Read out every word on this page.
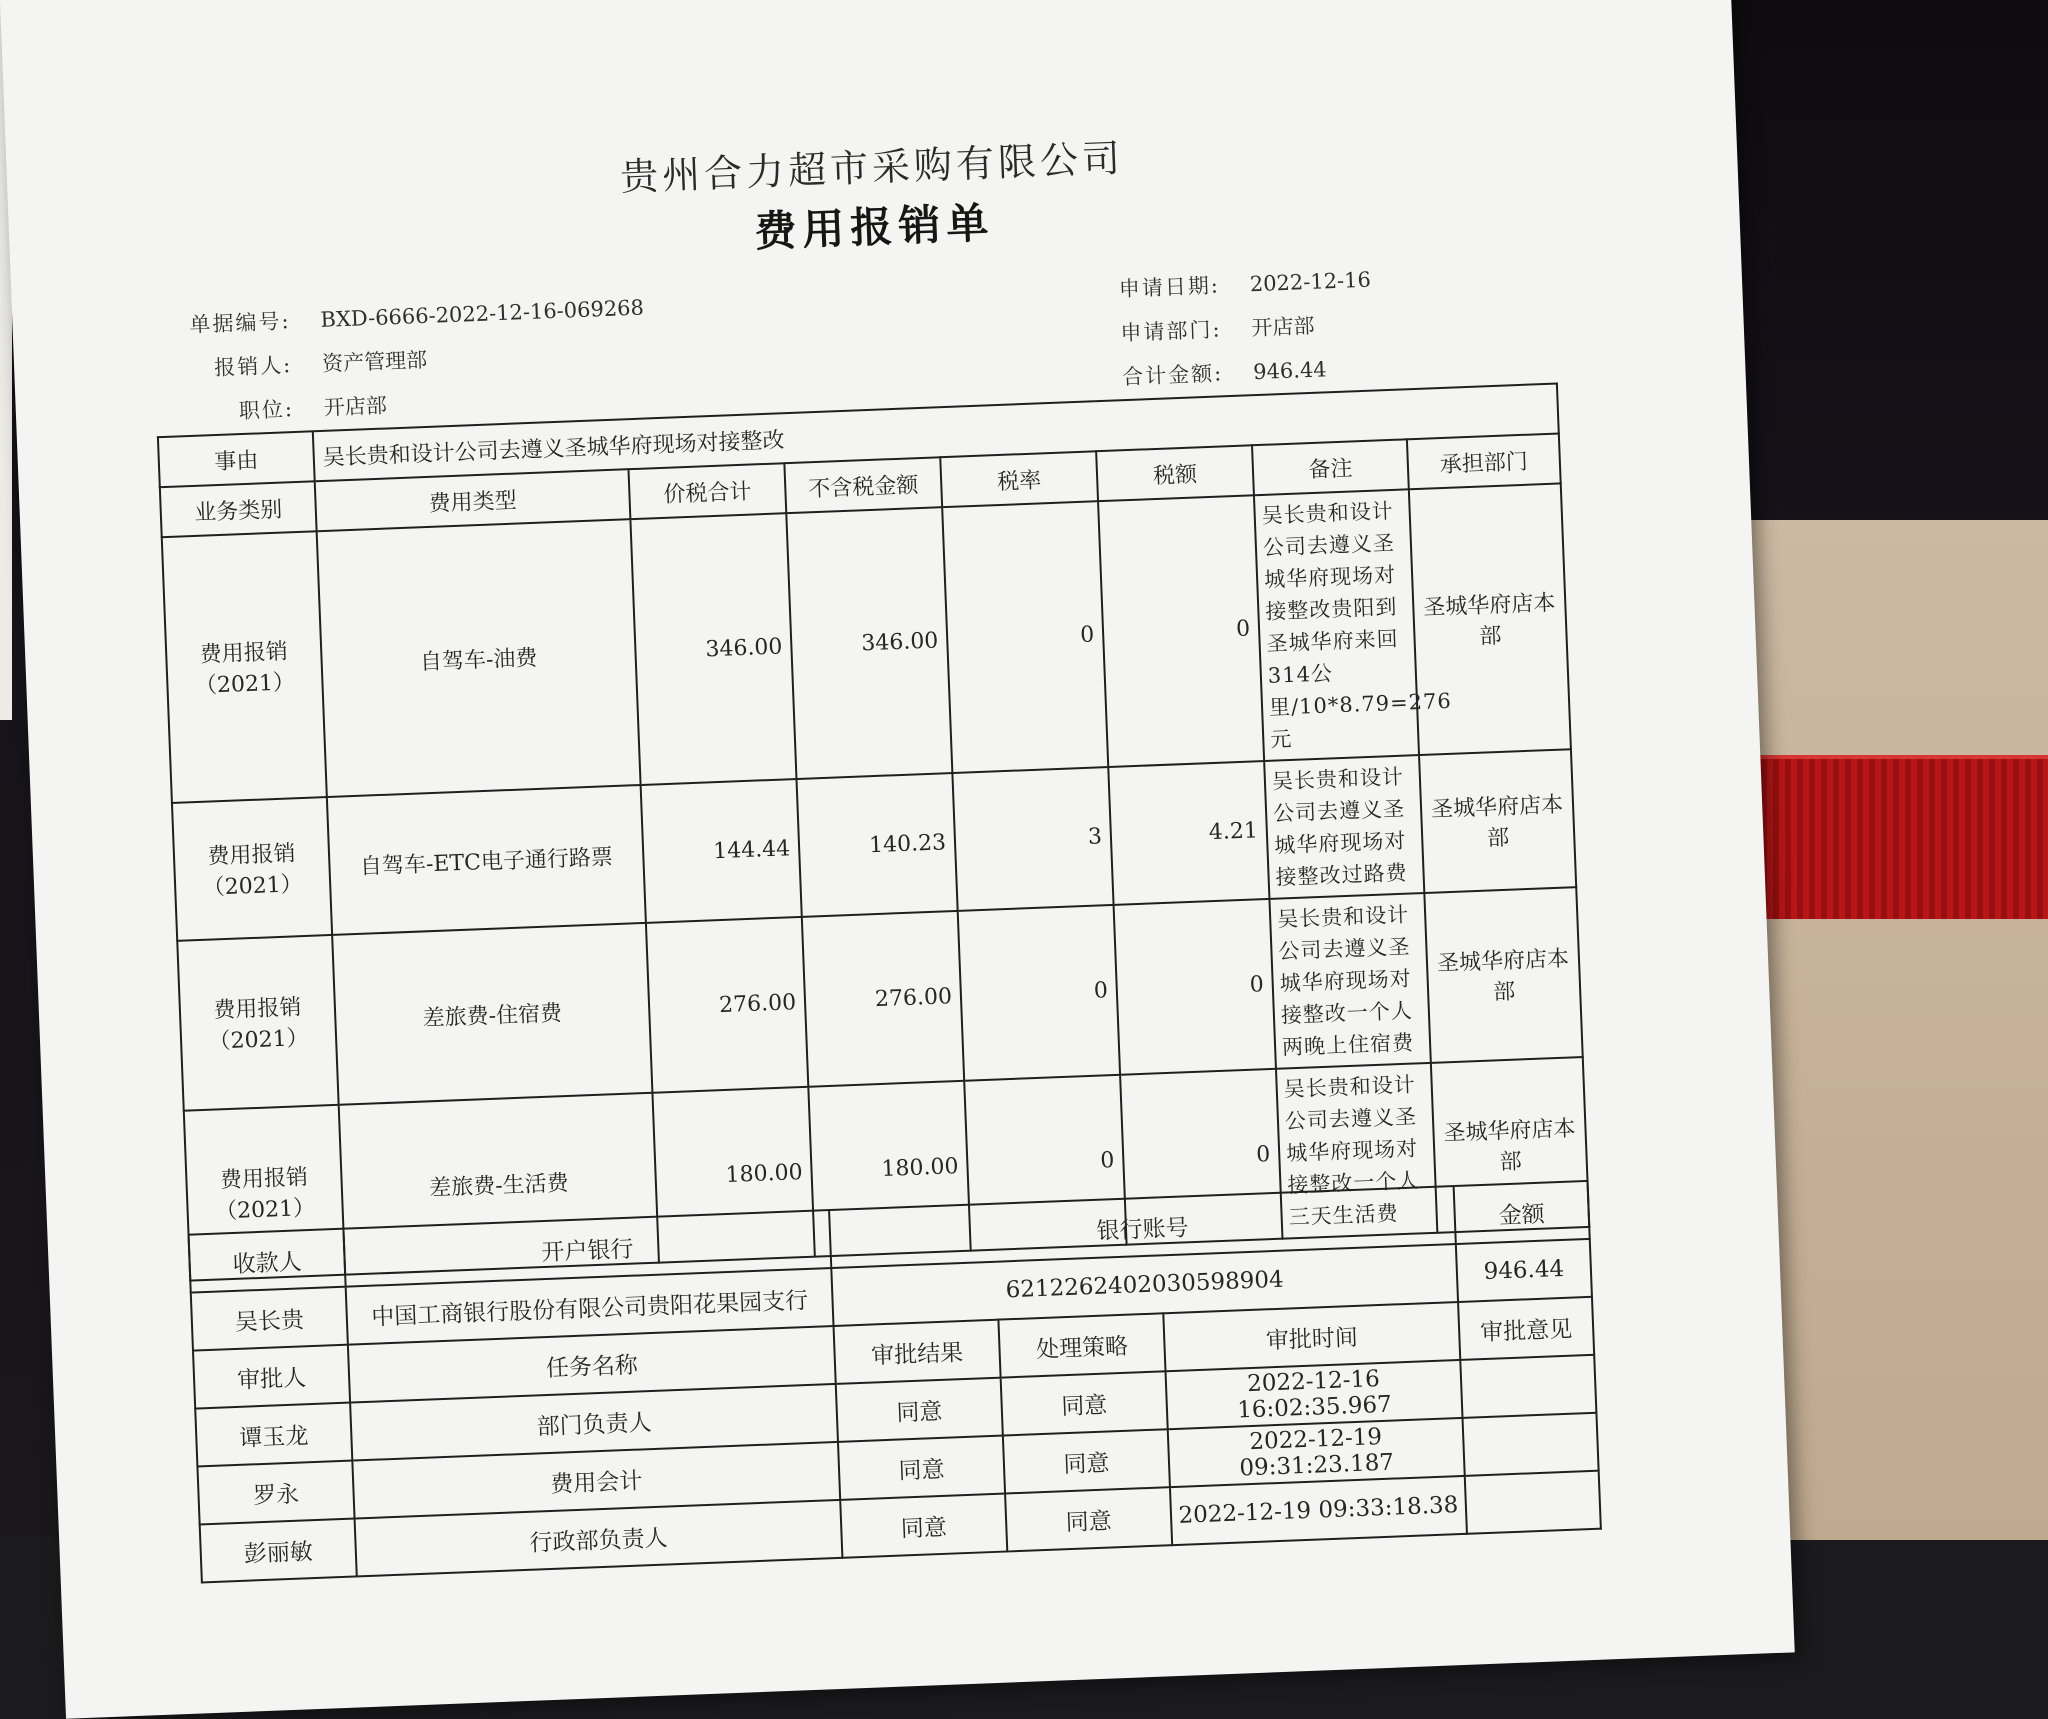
贵州合力超市采购有限公司
费用报销单
单据编号: BXD-6666-2022-12-16-069268
报销人: 资产管理部
职位: 开店部
申请日期: 2022-12-16
申请部门: 开店部
合计金额: 946.44
事由	吴长贵和设计公司去遵义圣城华府现场对接整改						
业务类别	费用类型	价税合计	不含税金额	税率	税额	备注	承担部门
费用报销（2021）	自驾车-油费	346.00	346.00	0	0	吴长贵和设计公司去遵义圣城华府现场对接整改贵阳到圣城华府来回314公里/10*8.79=276元	圣城华府店本部
费用报销（2021）	自驾车-ETC电子通行路票	144.44	140.23	3	4.21	吴长贵和设计公司去遵义圣城华府现场对接整改过路费	圣城华府店本部
费用报销（2021）	差旅费-住宿费	276.00	276.00	0	0	吴长贵和设计公司去遵义圣城华府现场对接整改一个人两晚上住宿费	圣城华府店本部
费用报销（2021）	差旅费-生活费	180.00	180.00	0	0	吴长贵和设计公司去遵义圣城华府现场对接整改一个人三天生活费	圣城华府店本部
收款人	开户银行	银行账号			金额
吴长贵	中国工商银行股份有限公司贵阳花果园支行	6212262402030598904			946.44
审批人	任务名称	审批结果	处理策略	审批时间	审批意见
谭玉龙	部门负责人	同意	同意	2022-12-16 16:02:35.967	
罗永	费用会计	同意	同意	2022-12-19 09:31:23.187	
彭丽敏	行政部负责人	同意	同意	2022-12-19 09:33:18.38	
